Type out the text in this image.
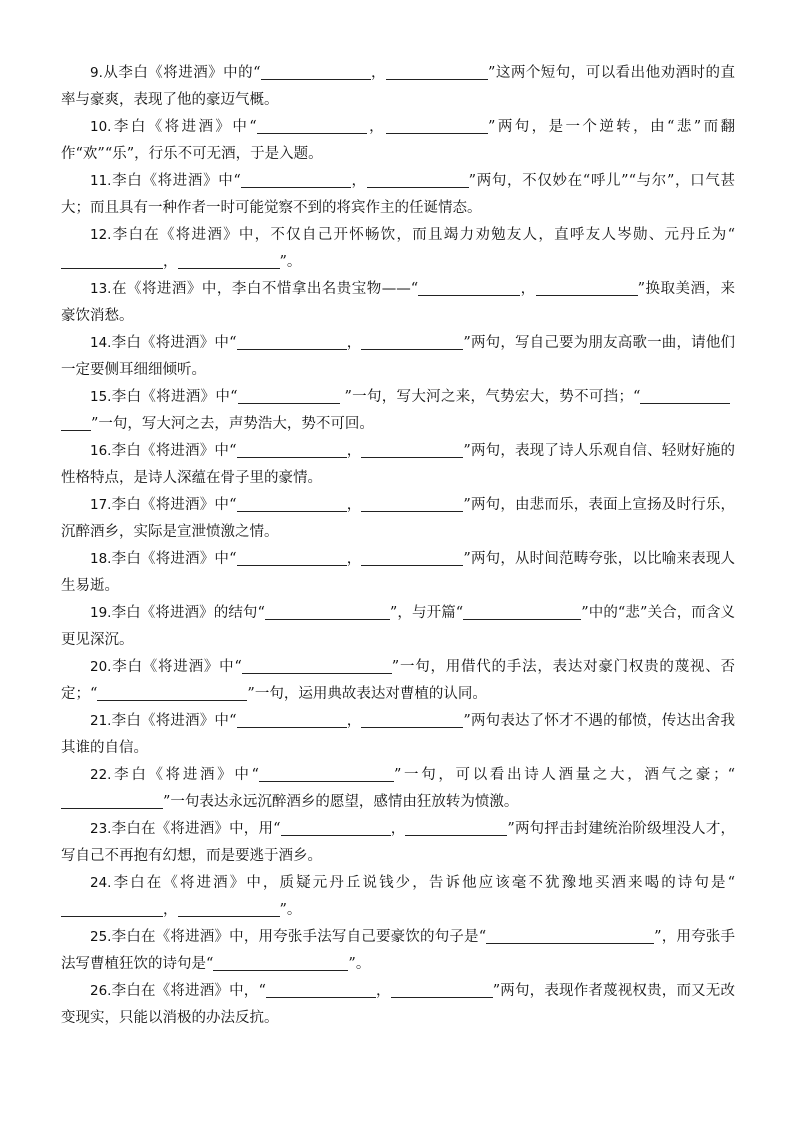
9.从李白《将进酒》中的“	，	”这两个短句，可以看出他劝酒时的直率与豪爽，表现了他的豪迈气概。

10.李白《将进酒》中“	，	”两句，是一个逆转，由“悲”而翻作“欢”“乐”，行乐不可无酒，于是入题。

11.李白《将进酒》中“	，	”两句，不仅妙在“呼儿”“与尔”，口气甚大；而且具有一种作者一时可能觉察不到的将宾作主的任诞情态。

12.李白在《将进酒》中，不仅自己开怀畅饮，而且竭力劝勉友人，直呼友人岑勋、元丹丘为“，	”。

13.在《将进酒》中，李白不惜拿出名贵宝物——“	，	”换取美酒，来豪饮消愁。

14.李白《将进酒》中“	，	”两句，写自己要为朋友高歌一曲，请他们一定要侧耳细细倾听。

15.李白《将进酒》中“	”一句，写大河之来，气势宏大，势不可挡；“ ”一句，写大河之去，声势浩大，势不可回。

16.李白《将进酒》中“	，	”两句，表现了诗人乐观自信、轻财好施的性格特点，是诗人深蕴在骨子里的豪情。

17.李白《将进酒》中“	，	”两句，由悲而乐，表面上宣扬及时行乐，沉醉酒乡，实际是宣泄愤激之情。

18.李白《将进酒》中“	，	”两句，从时间范畴夸张，以比喻来表现人生易逝。

19.李白《将进酒》的结句“	”，与开篇“	”中的“悲”关合，而含义更见深沉。

20.李白《将进酒》中“	”一句，用借代的手法，表达对豪门权贵的蔑视、否定；“	”一句，运用典故表达对曹植的认同。

21.李白《将进酒》中“	，	”两句表达了怀才不遇的郁愤，传达出舍我其谁的自信。

22.李白《将进酒》中“	”一句，可以看出诗人酒量之大，酒气之豪；“”一句表达永远沉醉酒乡的愿望，感情由狂放转为愤激。

23.李白在《将进酒》中，用“	，	”两句抨击封建统治阶级埋没人才，写自己不再抱有幻想，而是要逃于酒乡。

24.李白在《将进酒》中，质疑元丹丘说钱少，告诉他应该毫不犹豫地买酒来喝的诗句是“，	”。

25.李白在《将进酒》中，用夸张手法写自己要豪饮的句子是“	”，用夸张手法写曹植狂饮的诗句是“	”。

26.李白在《将进酒》中，“	，	”两句，表现作者蔑视权贵，而又无改变现实，只能以消极的办法反抗。
